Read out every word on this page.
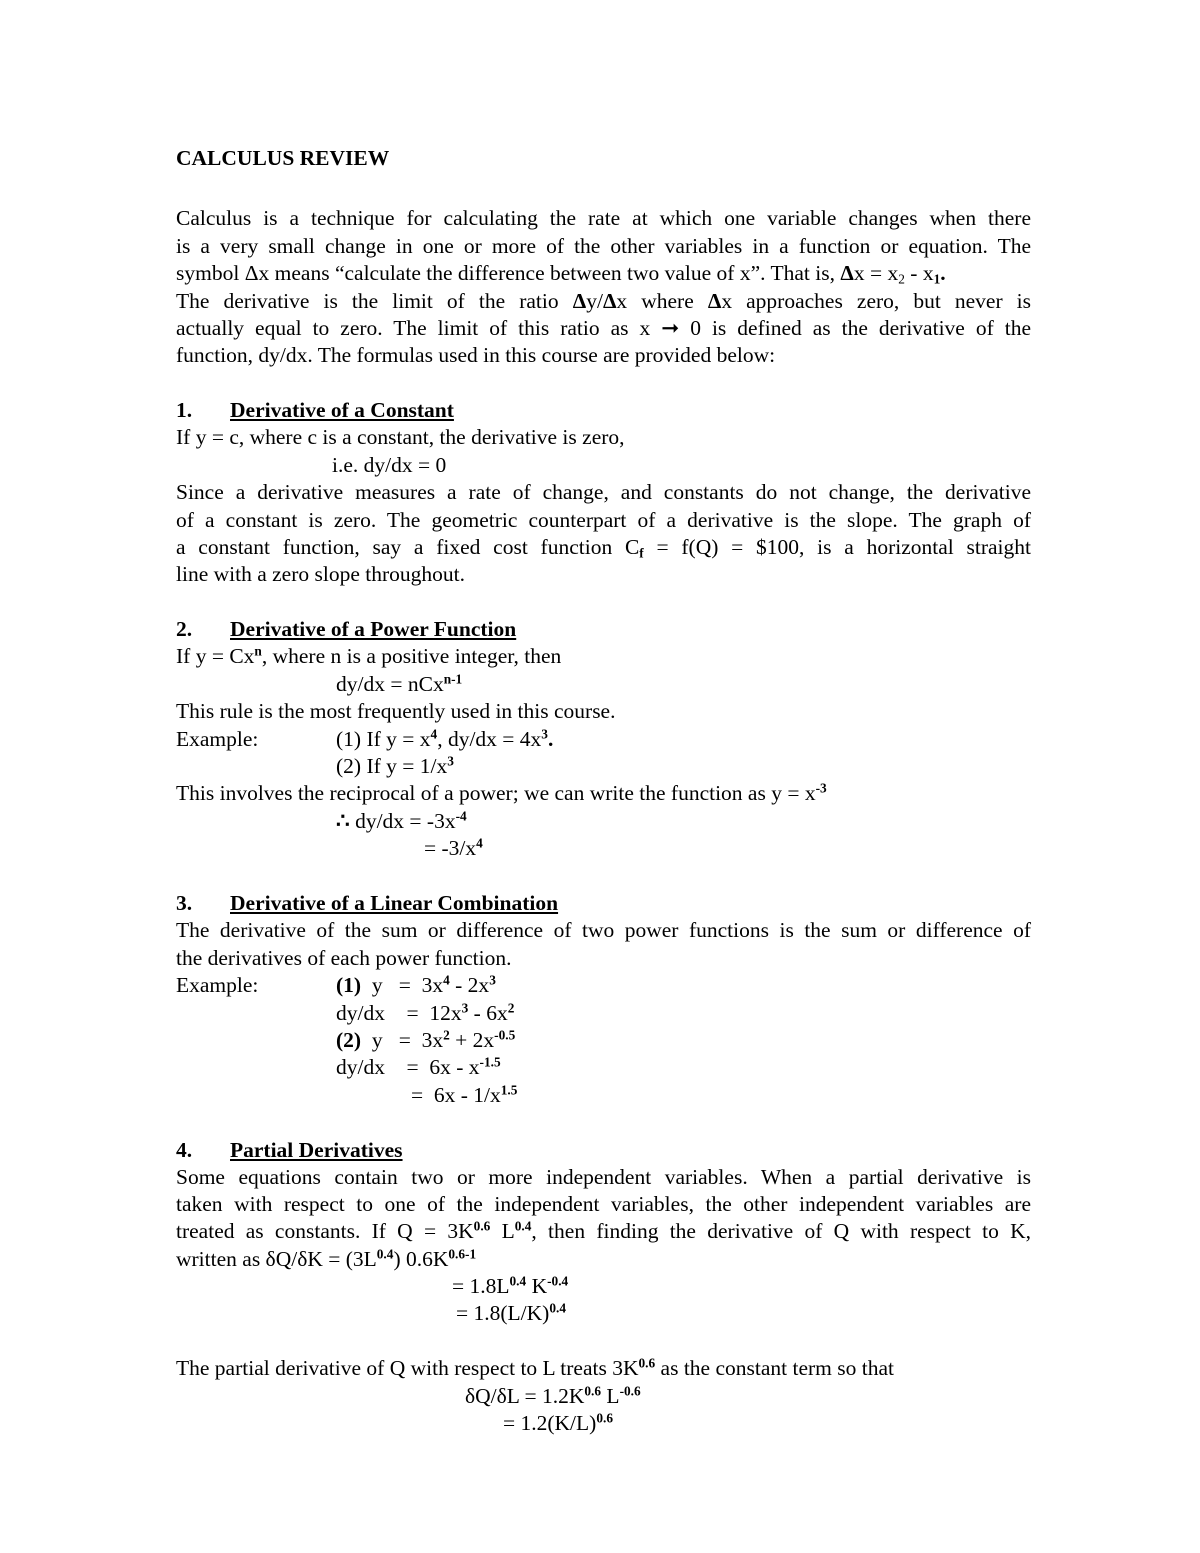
CALCULUS REVIEW
Calculus is a technique for calculating the rate at which one variable changes when there
is a very small change in one or more of the other variables in a function or equation. The
symbol Δx means “calculate the difference between two value of x”. That is, $\Delta x = x_2 - x_1$.
The derivative is the limit of the ratio Δy/Δx where Δx approaches zero, but never is
actually equal to zero. The limit of this ratio as x ➞ 0 is defined as the derivative of the
function, dy/dx. The formulas used in this course are provided below:
1. Derivative of a Constant
If y = c, where c is a constant, the derivative is zero,
i.e. dy/dx = 0
Since a derivative measures a rate of change, and constants do not change, the derivative
of a constant is zero. The geometric counterpart of a derivative is the slope. The graph of
a constant function, say a fixed cost function $C_f = f(Q)$ = $100, is a horizontal straight
line with a zero slope throughout.
2. Derivative of a Power Function
If $y = Cx^n$, where n is a positive integer, then
dy/dx = nCx$^{n-1}$
This rule is the most frequently used in this course.
Example:	(1) If $y = x^4$, $dy/dx = 4x^3$.
(2) If $y = 1/x^3$
This involves the reciprocal of a power; we can write the function as $y = x^{-3}$
∴ $dy/dx = -3x^{-4}$
= $-3/x^4$
3. Derivative of a Linear Combination
The derivative of the sum or difference of two power functions is the sum or difference of
the derivatives of each power function.
Example:	(1)  $y = 3x^4 - 2x^3$
dy/dx    =  $12x^3 - 6x^2$
(2)  $y = 3x^2 + 2x^{-0.5}$
dy/dx    =  $6x - x^{-1.5}$
=  $6x - 1/x^{1.5}$
4. Partial Derivatives
Some equations contain two or more independent variables. When a partial derivative is
taken with respect to one of the independent variables, the other independent variables are
treated as constants. If $Q = 3K^{0.6}$ $L^{0.4}$, then finding the derivative of Q with respect to K,
written as $\delta Q/\delta K = (3L^{0.4})$ $0.6K^{0.6-1}$
= $1.8L^{0.4}$ $K^{-0.4}$
= $1.8(L/K)^{0.4}$
The partial derivative of Q with respect to L treats $3K^{0.6}$ as the constant term so that
$\delta Q/\delta L = 1.2K^{0.6}$ $L^{-0.6}$
= $1.2(K/L)^{0.6}$
